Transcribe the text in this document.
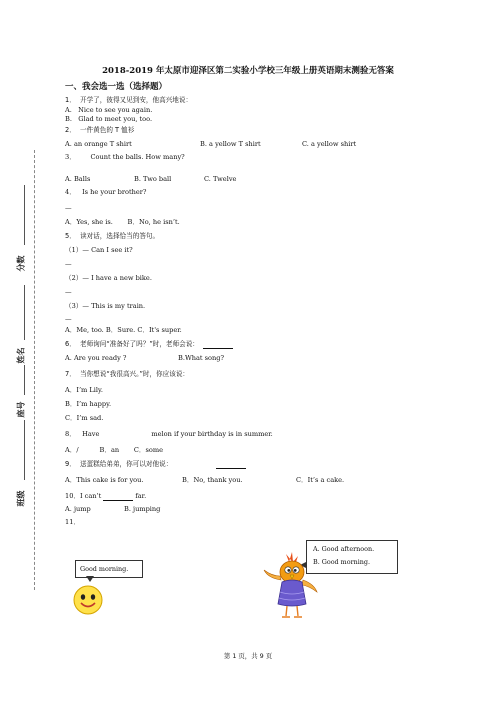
分数
姓名
座号
班级
2018-2019 年太原市迎泽区第二实验小学校三年级上册英语期末测验无答案
一、我会选一选（选择题）
1．  开学了，彼得又见到安，他高兴地说：
A.   Nice to see you again.
B.   Glad to meet you, too.
2．  一件黄色的 T 恤衫
A. an orange T shirt	B. a yellow T shirt	C. a yellow shirt
3．       Count the balls. How many?
A. Balls	B. Two ball	C. Twelve
4．   Is he your brother?
—
A．Yes, she is.       B．No, he isn’t.
5．  读对话，选择恰当的答句。
（1）— Can I see it?
—
（2）— I have a new bike.
—
（3）— This is my train.
—
A．Me, too. B．Sure. C．It's super.
6．  老师询问“准备好了吗？”时，老师会说：
A. Are you ready ?	B.What song?
7．  当你想说“我很高兴。”时，你应该说：
A．I’m Lily.
B．I’m happy.
C．I’m sad.
8．   Have	melon if your birthday is in summer.
A．/          B．an       C．some
9．  送蛋糕给弟弟，你可以对他说：
A．This cake is for you.	B．No, thank you.	C．It’s a cake.
10．I can’t	far.
A. jump	B. jumping
11．
Good morning.
A. Good afternoon.
B. Good morning.
第 1 页，共 9 页
